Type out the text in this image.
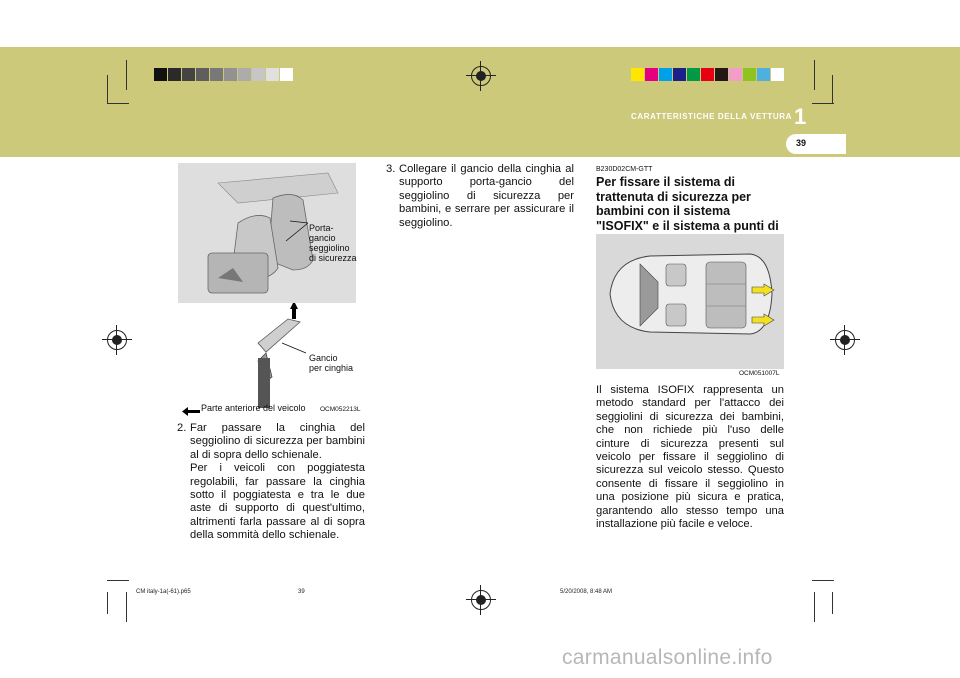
CARATTERISTICHE DELLA VETTURA 1
39
Porta-
gancio
seggiolino
di sicurezza
Gancio
per cinghia
Parte anteriore del veicolo OCM052213L
2. Far passare la cinghia del seggiolino di sicurezza per bambini al di sopra dello schienale.
Per i veicoli con poggiatesta regolabili, far passare la cinghia sotto il poggiatesta e tra le due aste di supporto di quest'ultimo, altrimenti farla passare al di sopra della sommità dello schienale.
3. Collegare il gancio della cinghia al supporto porta-gancio del seggiolino di sicurezza per bambini, e serrare per assicurare il seggiolino.
B230D02CM-GTT
Per fissare il sistema di trattenuta di sicurezza per bambini con il sistema "ISOFIX" e il sistema a punti di
OCM051007L
Il sistema ISOFIX rappresenta un metodo standard per l'attacco dei seggiolini di sicurezza dei bambini, che non richiede più l'uso delle cinture di sicurezza presenti sul veicolo per fissare il seggiolino di sicurezza sul veicolo stesso. Questo consente di fissare il seggiolino in una posizione più sicura e pratica, garantendo allo stesso tempo una installazione più facile e veloce.
CM italy-1a(-61).p65	39	5/20/2008, 8:48 AM
carmanualsonline.info
